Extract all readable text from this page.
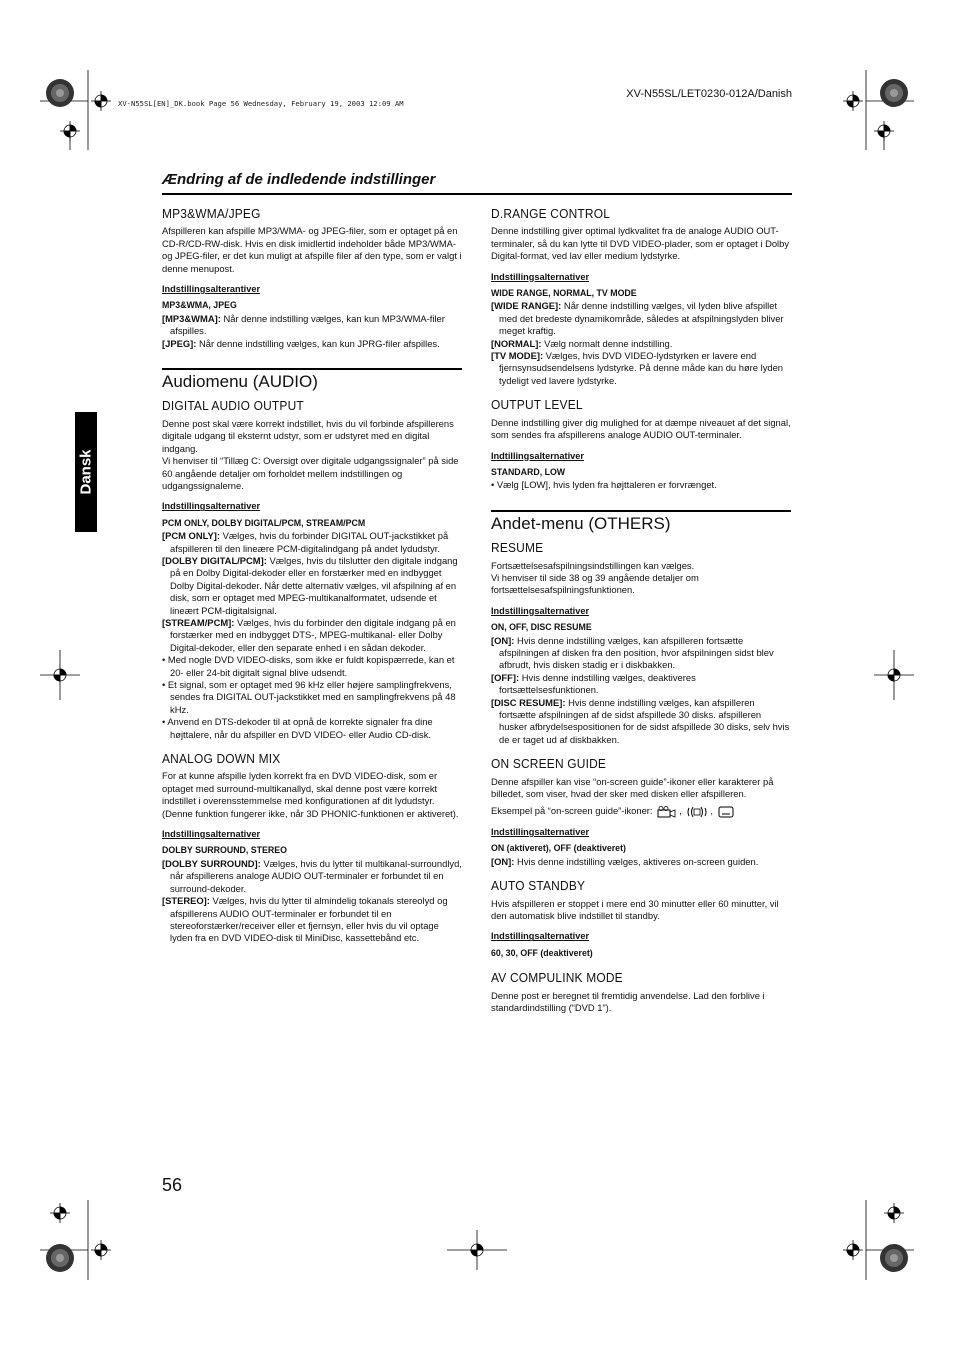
XV-N55SL[EN]_DK.book Page 56 Wednesday, February 19, 2003 12:09 AM
XV-N55SL/LET0230-012A/Danish
Ændring af de indledende indstillinger
Dansk
MP3&WMA/JPEG

Afspilleren kan afspille MP3/WMA- og JPEG-filer, som er optaget på en CD-R/CD-RW-disk. Hvis en disk imidlertid indeholder både MP3/WMA- og JPEG-filer, er det kun muligt at afspille filer af den type, som er valgt i denne menupost.

Indstillingsalterantiver

MP3&WMA, JPEG

[MP3&WMA]: Når denne indstilling vælges, kan kun MP3/WMA-filer afspilles.

[JPEG]: Når denne indstilling vælges, kan kun JPRG-filer afspilles.

Audiomenu (AUDIO)
DIGITAL AUDIO OUTPUT

Denne post skal være korrekt indstillet, hvis du vil forbinde afspillerens digitale udgang til eksternt udstyr, som er udstyret med en digital indgang.

Vi henviser til “Tillæg C: Oversigt over digitale udgangssignaler” på side 60 angående detaljer om forholdet mellem indstillingen og udgangssignalerne.

Indstillingsalternativer

PCM ONLY, DOLBY DIGITAL/PCM, STREAM/PCM

[PCM ONLY]: Vælges, hvis du forbinder DIGITAL OUT-jackstikket på afspilleren til den lineære PCM-digitalindgang på andet lydudstyr.

[DOLBY DIGITAL/PCM]: Vælges, hvis du tilslutter den digitale indgang på en Dolby Digital-dekoder eller en forstærker med en indbygget Dolby Digital-dekoder. Når dette alternativ vælges, vil afspilning af en disk, som er optaget med MPEG-multikanalformatet, udsende et lineært PCM-digitalsignal.

[STREAM/PCM]: Vælges, hvis du forbinder den digitale indgang på en forstærker med en indbygget DTS-, MPEG-multikanal- eller Dolby Digital-dekoder, eller den separate enhed i en sådan dekoder.

• Med nogle DVD VIDEO-disks, som ikke er fuldt kopispærrede, kan et 20- eller 24-bit digitalt signal blive udsendt.

• Et signal, som er optaget med 96 kHz eller højere samplingfrekvens, sendes fra DIGITAL OUT-jackstikket med en samplingfrekvens på 48 kHz.

• Anvend en DTS-dekoder til at opnå de korrekte signaler fra dine højttalere, når du afspiller en DVD VIDEO- eller Audio CD-disk.

ANALOG DOWN MIX

For at kunne afspille lyden korrekt fra en DVD VIDEO-disk, som er optaget med surround-multikanallyd, skal denne post være korrekt indstillet i overensstemmelse med konfigurationen af dit lydudstyr.

(Denne funktion fungerer ikke, når 3D PHONIC-funktionen er aktiveret).

Indstillingsalternativer

DOLBY SURROUND, STEREO

[DOLBY SURROUND]: Vælges, hvis du lytter til multikanal-surroundlyd, når afspillerens analoge AUDIO OUT-terminaler er forbundet til en surround-dekoder.

[STEREO]: Vælges, hvis du lytter til almindelig tokanals stereolyd og afspillerens AUDIO OUT-terminaler er forbundet til en stereoforstærker/receiver eller et fjernsyn, eller hvis du vil optage lyden fra en DVD VIDEO-disk til MiniDisc, kassettebånd etc.

D.RANGE CONTROL

Denne indstilling giver optimal lydkvalitet fra de analoge AUDIO OUT-terminaler, så du kan lytte til DVD VIDEO-plader, som er optaget i Dolby Digital-format, ved lav eller medium lydstyrke.

Indstillingsalternativer

WIDE RANGE, NORMAL, TV MODE

[WIDE RANGE]: Når denne indstilling vælges, vil lyden blive afspillet med det bredeste dynamikområde, således at afspilningslyden bliver meget kraftig.

[NORMAL]: Vælg normalt denne indstilling.

[TV MODE]: Vælges, hvis DVD VIDEO-lydstyrken er lavere end fjernsynsudsendelsens lydstyrke. På denne måde kan du høre lyden tydeligt ved lavere lydstyrke.

OUTPUT LEVEL

Denne indstilling giver dig mulighed for at dæmpe niveauet af det signal, som sendes fra afspillerens analoge AUDIO OUT-terminaler.

Indtillingsalternativer

STANDARD, LOW

• Vælg [LOW], hvis lyden fra højttaleren er forvrænget.

Andet-menu (OTHERS)
RESUME

Fortsættelsesafspilningsindstillingen kan vælges.

Vi henviser til side 38 og 39 angående detaljer om fortsættelsesafspilningsfunktionen.

Indstillingsalternativer

ON, OFF, DISC RESUME

[ON]: Hvis denne indstilling vælges, kan afspilleren fortsætte afspilningen af disken fra den position, hvor afspilningen sidst blev afbrudt, hvis disken stadig er i diskbakken.

[OFF]: Hvis denne indstilling vælges, deaktiveres fortsættelsesfunktionen.

[DISC RESUME]: Hvis denne indstilling vælges, kan afspilleren fortsætte afspilningen af de sidst afspillede 30 disks. afspilleren husker afbrydelsespositionen for de sidst afspillede 30 disks, selv hvis de er taget ud af diskbakken.

ON SCREEN GUIDE

Denne afspiller kan vise “on-screen guide”-ikoner eller karakterer på billedet, som viser, hvad der sker med disken eller afspilleren.

Eksempel på “on-screen guide”-ikoner:	,	,

Indstillingsalternativer

ON (aktiveret), OFF (deaktiveret)

[ON]: Hvis denne indstilling vælges, aktiveres on-screen guiden.

AUTO STANDBY

Hvis afspilleren er stoppet i mere end 30 minutter eller 60 minutter, vil den automatisk blive indstillet til standby.

Indstillingsalternativer

60, 30, OFF (deaktiveret)

AV COMPULINK MODE

Denne post er beregnet til fremtidig anvendelse. Lad den forblive i standardindstilling (“DVD 1”).

56
